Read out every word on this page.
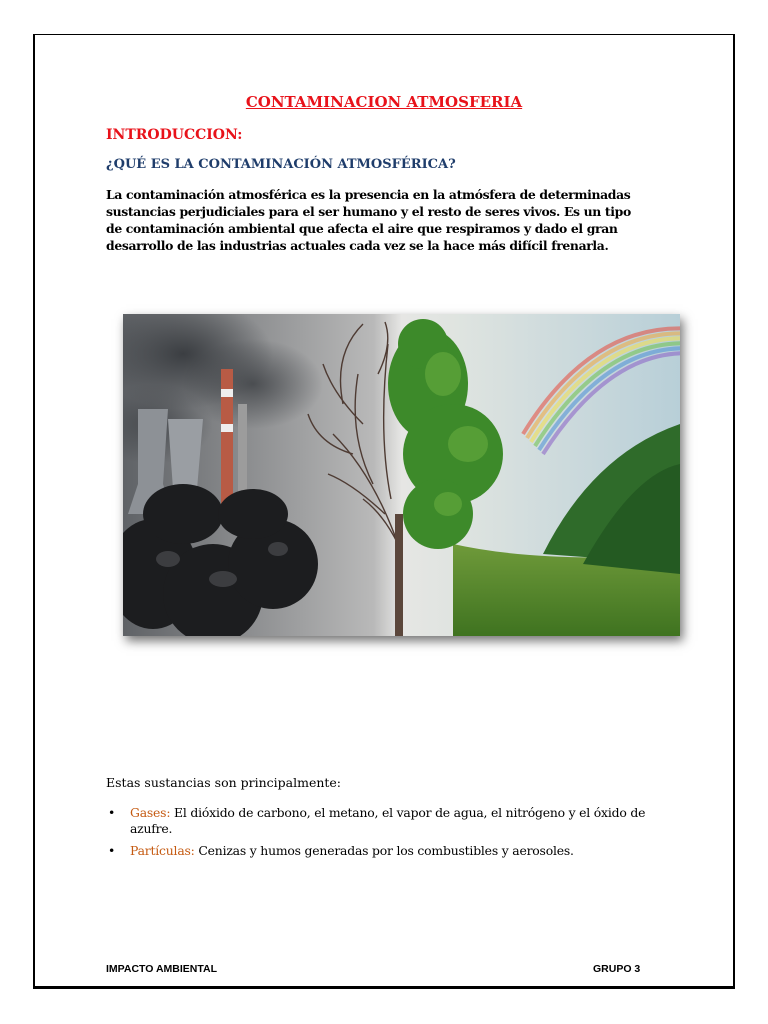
CONTAMINACION ATMOSFERIA
INTRODUCCION:
¿QUÉ ES LA CONTAMINACIÓN ATMOSFÉRICA?
La contaminación atmosférica es la presencia en la atmósfera de determinadas sustancias perjudiciales para el ser humano y el resto de seres vivos. Es un tipo de contaminación ambiental que afecta el aire que respiramos y dado el gran desarrollo de las industrias actuales cada vez se la hace más difícil frenarla.
Estas sustancias son principalmente:
• Gases: El dióxido de carbono, el metano, el vapor de agua, el nitrógeno y el óxido de azufre.
• Partículas: Cenizas y humos generadas por los combustibles y aerosoles.
IMPACTO AMBIENTAL	GRUPO 3
